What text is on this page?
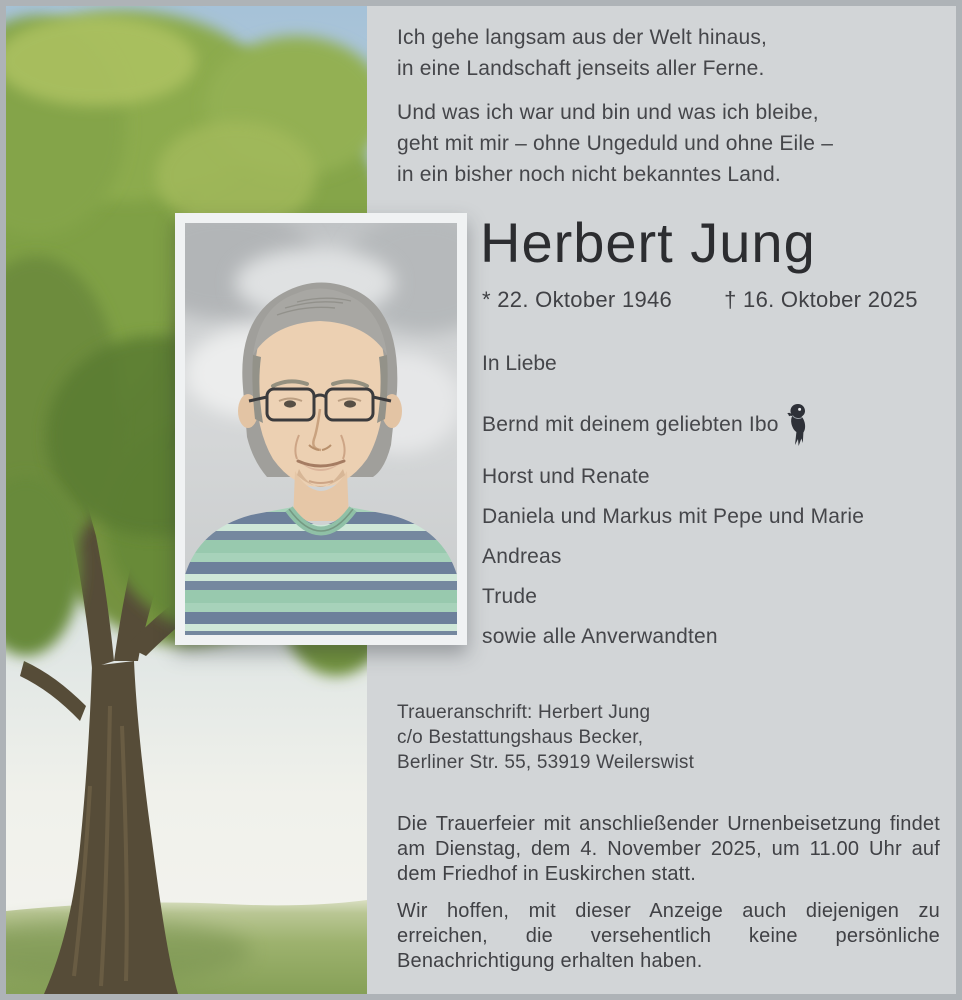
Ich gehe langsam aus der Welt hinaus,
in eine Landschaft jenseits aller Ferne.
Und was ich war und bin und was ich bleibe,
geht mit mir – ohne Ungeduld und ohne Eile –
in ein bisher noch nicht bekanntes Land.
Herbert Jung
* 22. Oktober 1946 † 16. Oktober 2025
In Liebe
Bernd mit deinem geliebten Ibo
Horst und Renate
Daniela und Markus mit Pepe und Marie
Andreas
Trude
sowie alle Anverwandten
Traueranschrift: Herbert Jung
c/o Bestattungshaus Becker,
Berliner Str. 55, 53919 Weilerswist
Die Trauerfeier mit anschließender Urnenbeisetzung findet am Dienstag, dem 4. November 2025, um 11.00 Uhr auf dem Friedhof in Euskirchen statt.
Wir hoffen, mit dieser Anzeige auch diejenigen zu erreichen, die versehentlich keine persönliche Benachrichtigung erhalten haben.
